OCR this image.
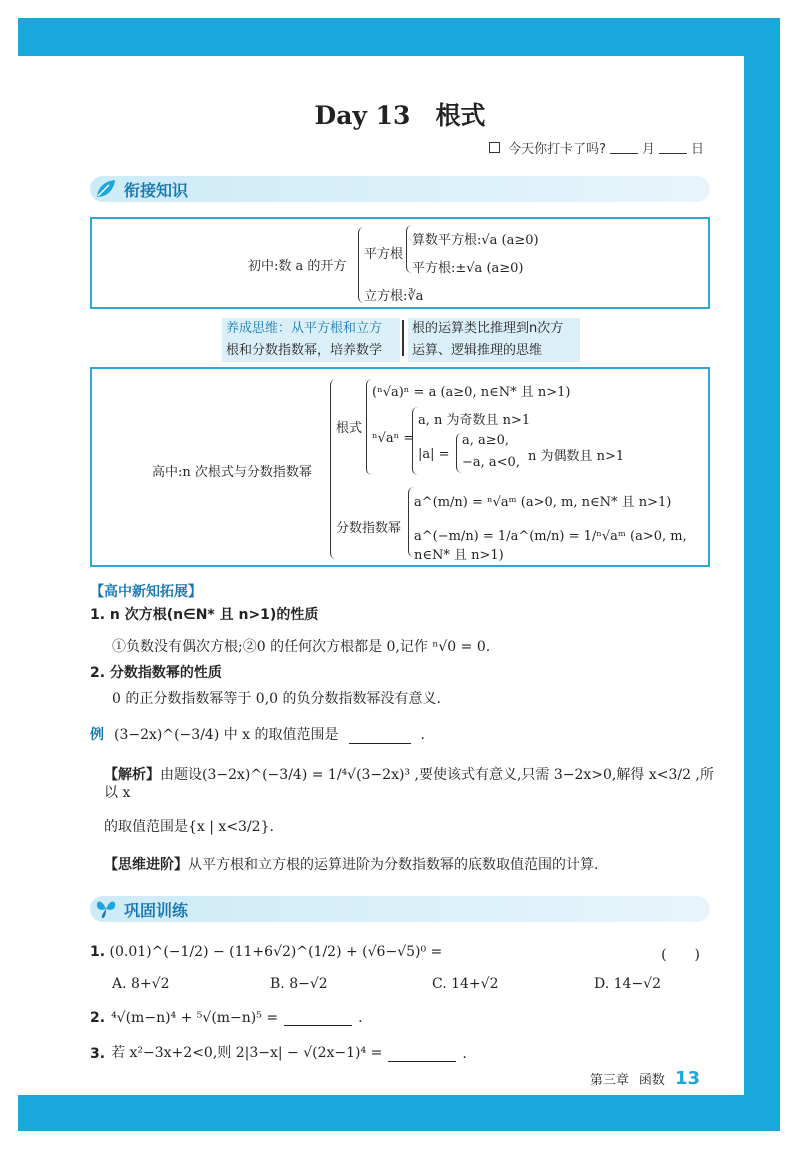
Day 13　根式
今天你打卡了吗?	月	日
衔接知识
初中:数 a 的开方
平方根
算数平方根:√a (a≥0)
平方根:±√a (a≥0)
立方根:∛a
养成思维：从平方根和立方
根和分数指数幂，培养数学
根的运算类比推理到n次方
运算、逻辑推理的思维
高中:n 次根式与分数指数幂
根式
(ⁿ√a)ⁿ = a (a≥0, n∈N* 且 n>1)
ⁿ√aⁿ =
a, n 为奇数且 n>1
|a| =
a, a≥0,
−a, a<0, n 为偶数且 n>1
分数指数幂
a^(m/n) = ⁿ√aᵐ (a>0, m, n∈N* 且 n>1)
a^(−m/n) = 1/a^(m/n) = 1/ⁿ√aᵐ (a>0, m, n∈N* 且 n>1)
【高中新知拓展】
1. n 次方根(n∈N* 且 n>1)的性质
①负数没有偶次方根;②0 的任何次方根都是 0,记作 ⁿ√0 = 0.
2. 分数指数幂的性质
0 的正分数指数幂等于 0,0 的负分数指数幂没有意义.
例 (3−2x)^(−3/4) 中 x 的取值范围是	.
【解析】由题设(3−2x)^(−3/4) = 1/⁴√(3−2x)³ ,要使该式有意义,只需 3−2x>0,解得 x<3/2 ,所以 x
的取值范围是{x | x<3/2}.
【思维进阶】从平方根和立方根的运算进阶为分数指数幂的底数取值范围的计算.
巩固训练
1. (0.01)^(−1/2) − (11+6√2)^(1/2) + (√6−√5)⁰ =	(　　)
A. 8+√2	B. 8−√2	C. 14+√2	D. 14−√2
2. ⁴√(m−n)⁴ + ⁵√(m−n)⁵ =	.
3. 若 x²−3x+2<0,则 2|3−x| − √(2x−1)⁴ =	.
第三章 函数 13
